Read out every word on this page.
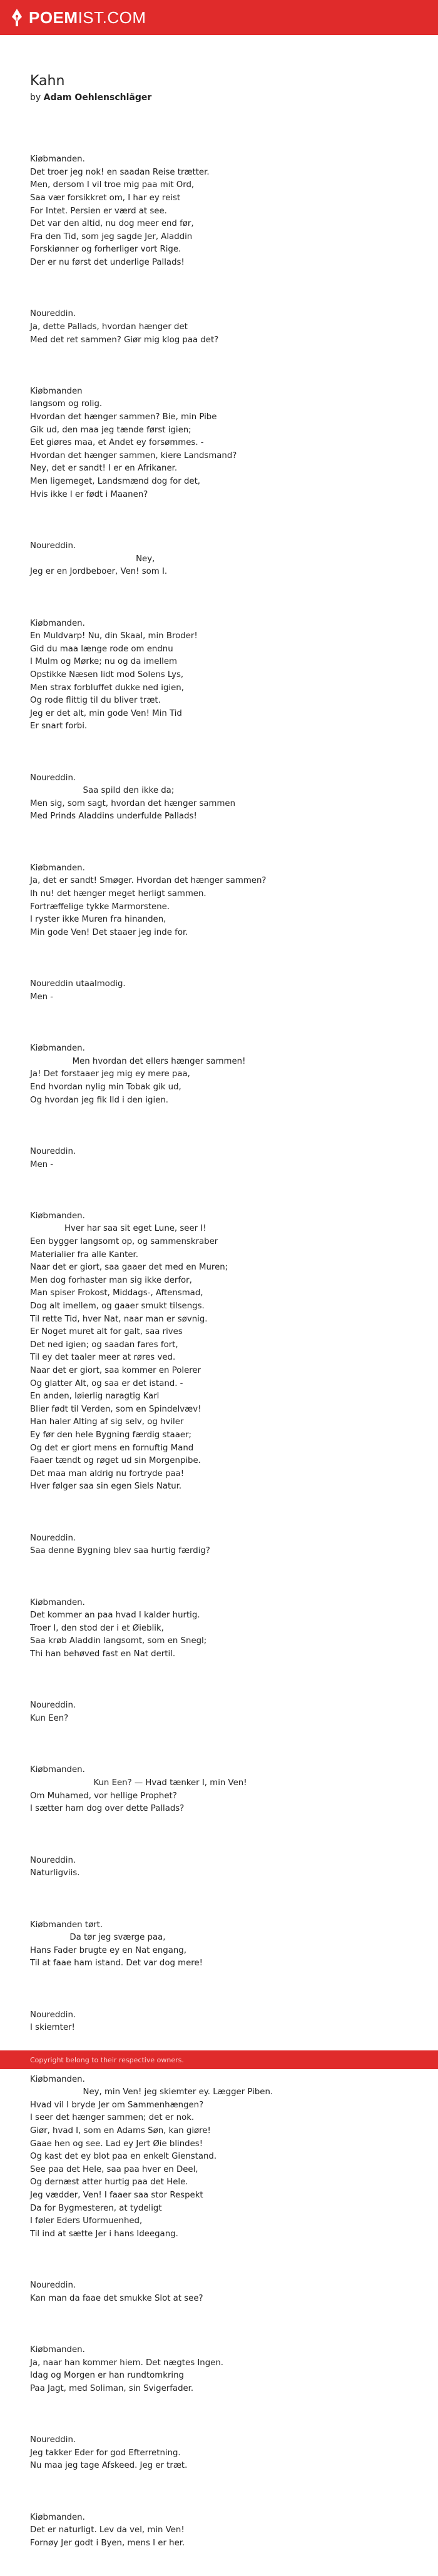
POEMIST.COM
Kahn
by Adam Oehlenschläger

Kiøbmanden.
Det troer jeg nok! en saadan Reise trætter.
Men, dersom I vil troe mig paa mit Ord,
Saa vær forsikkret om, I har ey reist
For Intet. Persien er værd at see.
Det var den altid, nu dog meer end før,
Fra den Tid, som jeg sagde Jer, Aladdin
Forskiønner og forherliger vort Rige.
Der er nu først det underlige Pallads!

Noureddin.
Ja, dette Pallads, hvordan hænger det
Med det ret sammen? Giør mig klog paa det?

Kiøbmanden
langsom og rolig.
Hvordan det hænger sammen? Bie, min Pibe
Gik ud, den maa jeg tænde først igien;
Eet giøres maa, et Andet ey forsømmes. -
Hvordan det hænger sammen, kiere Landsmand?
Ney, det er sandt! I er en Afrikaner.
Men ligemeget, Landsmænd dog for det,
Hvis ikke I er født i Maanen?

Noureddin.
Ney,
Jeg er en Jordbeboer, Ven! som I.

Kiøbmanden.
En Muldvarp! Nu, din Skaal, min Broder!
Gid du maa længe rode om endnu
I Mulm og Mørke; nu og da imellem
Opstikke Næsen lidt mod Solens Lys,
Men strax forbluffet dukke ned igien,
Og rode flittig til du bliver træt.
Jeg er det alt, min gode Ven! Min Tid
Er snart forbi.

Noureddin.
Saa spild den ikke da;
Men sig, som sagt, hvordan det hænger sammen
Med Prinds Aladdins underfulde Pallads!

Kiøbmanden.
Ja, det er sandt! Smøger. Hvordan det hænger sammen?
Ih nu! det hænger meget herligt sammen.
Fortræffelige tykke Marmorstene.
I ryster ikke Muren fra hinanden,
Min gode Ven! Det staaer jeg inde for.

Noureddin utaalmodig.
Men -

Kiøbmanden.
Men hvordan det ellers hænger sammen!
Ja! Det forstaaer jeg mig ey mere paa,
End hvordan nylig min Tobak gik ud,
Og hvordan jeg fik Ild i den igien.

Noureddin.
Men -

Kiøbmanden.
Hver har saa sit eget Lune, seer I!
Een bygger langsomt op, og sammenskraber
Materialier fra alle Kanter.
Naar det er giort, saa gaaer det med en Muren;
Men dog forhaster man sig ikke derfor,
Man spiser Frokost, Middags-, Aftensmad,
Dog alt imellem, og gaaer smukt tilsengs.
Til rette Tid, hver Nat, naar man er søvnig.
Er Noget muret alt for galt, saa rives
Det ned igien; og saadan fares fort,
Til ey det taaler meer at røres ved.
Naar det er giort, saa kommer en Polerer
Og glatter Alt, og saa er det istand. -
En anden, løierlig naragtig Karl
Blier født til Verden, som en Spindelvæv!
Han haler Alting af sig selv, og hviler
Ey før den hele Bygning færdig staaer;
Og det er giort mens en fornuftig Mand
Faaer tændt og røget ud sin Morgenpibe.
Det maa man aldrig nu fortryde paa!
Hver følger saa sin egen Siels Natur.

Noureddin.
Saa denne Bygning blev saa hurtig færdig?

Kiøbmanden.
Det kommer an paa hvad I kalder hurtig.
Troer I, den stod der i et Øieblik,
Saa krøb Aladdin langsomt, som en Snegl;
Thi han behøved fast en Nat dertil.

Noureddin.
Kun Een?

Kiøbmanden.
Kun Een? — Hvad tænker I, min Ven!
Om Muhamed, vor hellige Prophet?
I sætter ham dog over dette Pallads?

Noureddin.
Naturligviis.

Kiøbmanden tørt.
Da tør jeg sværge paa,
Hans Fader brugte ey en Nat engang,
Til at faae ham istand. Det var dog mere!

Noureddin.
I skiemter!

Kiøbmanden.
Ney, min Ven! jeg skiemter ey. Lægger Piben.
Hvad vil I bryde Jer om Sammenhængen?
I seer det hænger sammen; det er nok.
Giør, hvad I, som en Adams Søn, kan giøre!
Gaae hen og see. Lad ey Jert Øie blindes!
Og kast det ey blot paa en enkelt Gienstand.
See paa det Hele, saa paa hver en Deel,
Og dernæst atter hurtig paa det Hele.
Jeg vædder, Ven! I faaer saa stor Respekt
Da for Bygmesteren, at tydeligt
I føler Eders Uformuenhed,
Til ind at sætte Jer i hans Ideegang.

Noureddin.
Kan man da faae det smukke Slot at see?

Kiøbmanden.
Ja, naar han kommer hiem. Det nægtes Ingen.
Idag og Morgen er han rundtomkring
Paa Jagt, med Soliman, sin Svigerfader.

Noureddin.
Jeg takker Eder for god Efterretning.
Nu maa jeg tage Afskeed. Jeg er træt.

Kiøbmanden.
Det er naturligt. Lev da vel, min Ven!
Fornøy Jer godt i Byen, mens I er her.

Copyright belong to their respective owners.
